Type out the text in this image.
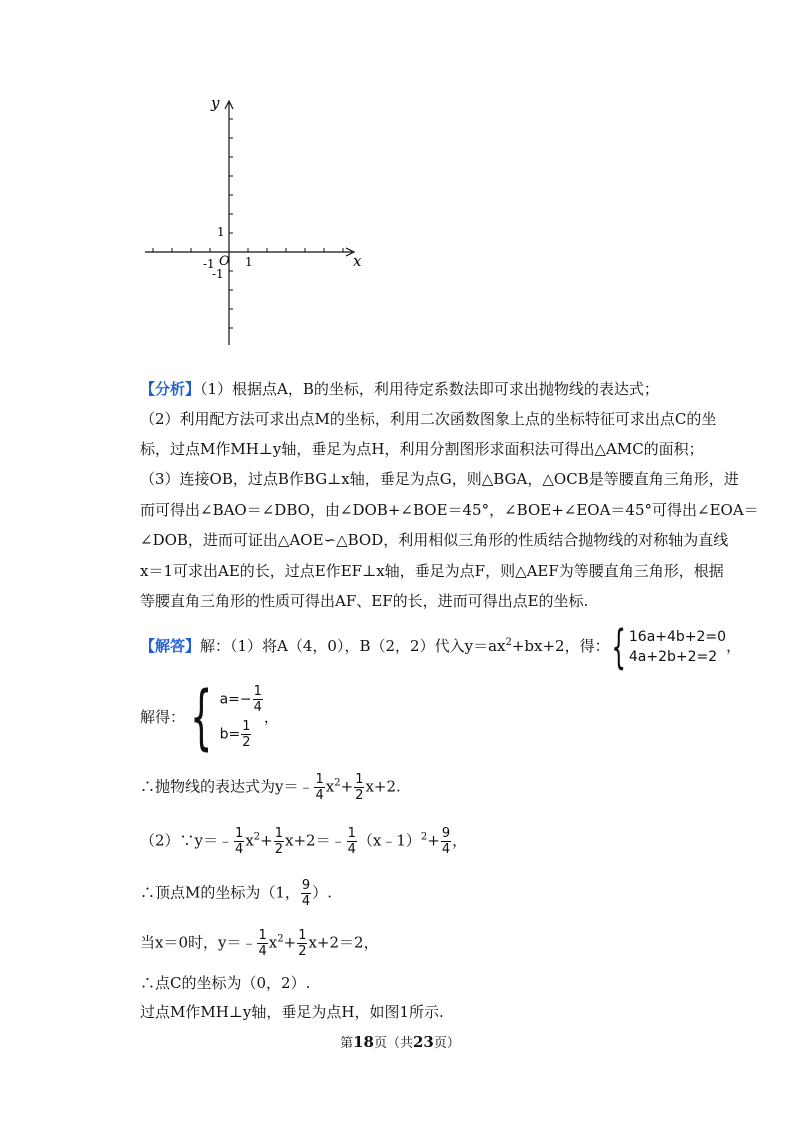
y
x
1
-1 O 1
-1
【分析】（1）根据点A，B的坐标，利用待定系数法即可求出抛物线的表达式；
（2）利用配方法可求出点M的坐标，利用二次函数图象上点的坐标特征可求出点C的坐
标，过点M作MH⊥y轴，垂足为点H，利用分割图形求面积法可得出△AMC的面积；
（3）连接OB，过点B作BG⊥x轴，垂足为点G，则△BGA，△OCB是等腰直角三角形，进
而可得出∠BAO＝∠DBO，由∠DOB+∠BOE＝45°，∠BOE+∠EOA＝45°可得出∠EOA＝
∠DOB，进而可证出△AOE∽△BOD，利用相似三角形的性质结合抛物线的对称轴为直线
x＝1可求出AE的长，过点E作EF⊥x轴，垂足为点F，则△AEF为等腰直角三角形，根据
等腰直角三角形的性质可得出AF、EF的长，进而可得出点E的坐标.
【解答】解：（1）将A（4，0），B（2，2）代入$y=ax^2+bx+2$，得：{ 16a+4b+2=0
4a+2b+2=2
，
解得：{ $a=- \frac{1}{4}$
$b= \frac{1}{2}$
，
∴抛物线的表达式为y＝﹣ $\frac{1}{4} x^2+ \frac{1}{2} x+2$.
（2）∵y＝﹣ $\frac{1}{4} x^2+ \frac{1}{2}$ x+2＝﹣ $\frac{1}{4}$ （x﹣1）$^2$+ $\frac{9}{4}$ ，
∴顶点M的坐标为（1， $\frac{9}{4}$ ）.
当x＝0时，y＝﹣ $\frac{1}{4} x^2+ \frac{1}{2} x+2=2$，
∴点C的坐标为（0，2）.
过点M作MH⊥y轴，垂足为点H，如图1所示.
第18页（共23页）
